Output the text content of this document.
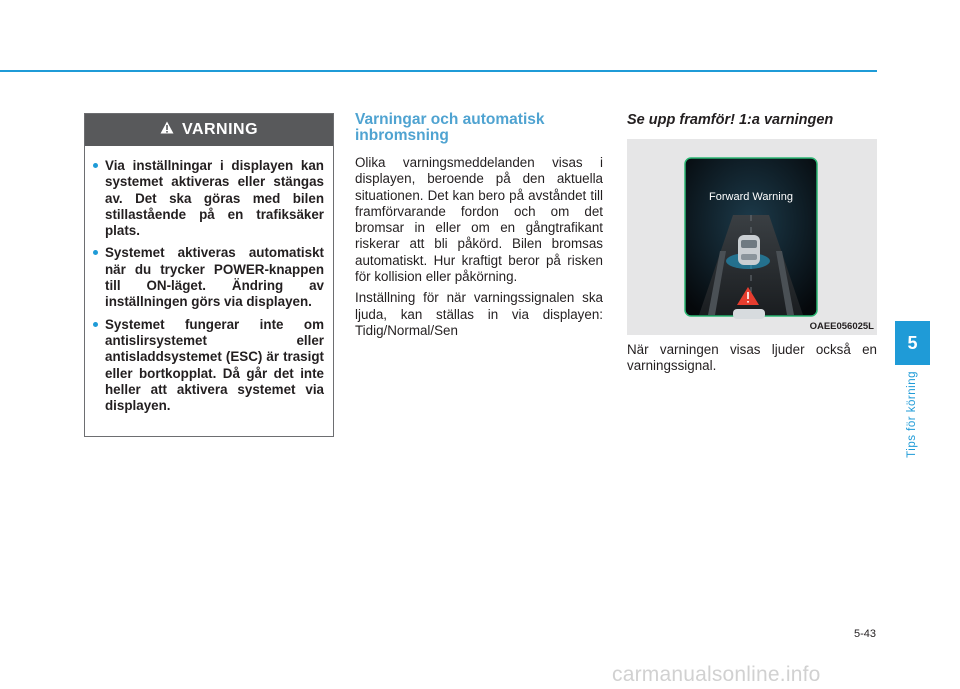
VARNING
Via inställningar i displayen kan systemet aktiveras eller stängas av. Det ska göras med bilen stillastående på en trafiksäker plats.
Systemet aktiveras automatiskt när du trycker POWER-knappen till ON-läget. Ändring av inställningen görs via displayen.
Systemet fungerar inte om antislirsystemet eller antisladdsystemet (ESC) är trasigt eller bortkopplat. Då går det inte heller att aktivera systemet via displayen.
Varningar och automatisk inbromsning

Olika varningsmeddelanden visas i displayen, beroende på den aktuella situationen. Det kan bero på avståndet till framförvarande fordon och om det bromsar in eller om en gångtrafikant riskerar att bli påkörd. Bilen bromsas automatiskt. Hur kraftigt beror på risken för kollision eller påkörning.

Inställning för när varningssignalen ska ljuda, kan ställas in via displayen: Tidig/Normal/Sen

Se upp framför! 1:a varningen
Forward Warning
OAEE056025L

När varningen visas ljuder också en varningssignal.

5
Tips för körning
5-43
carmanualsonline.info
